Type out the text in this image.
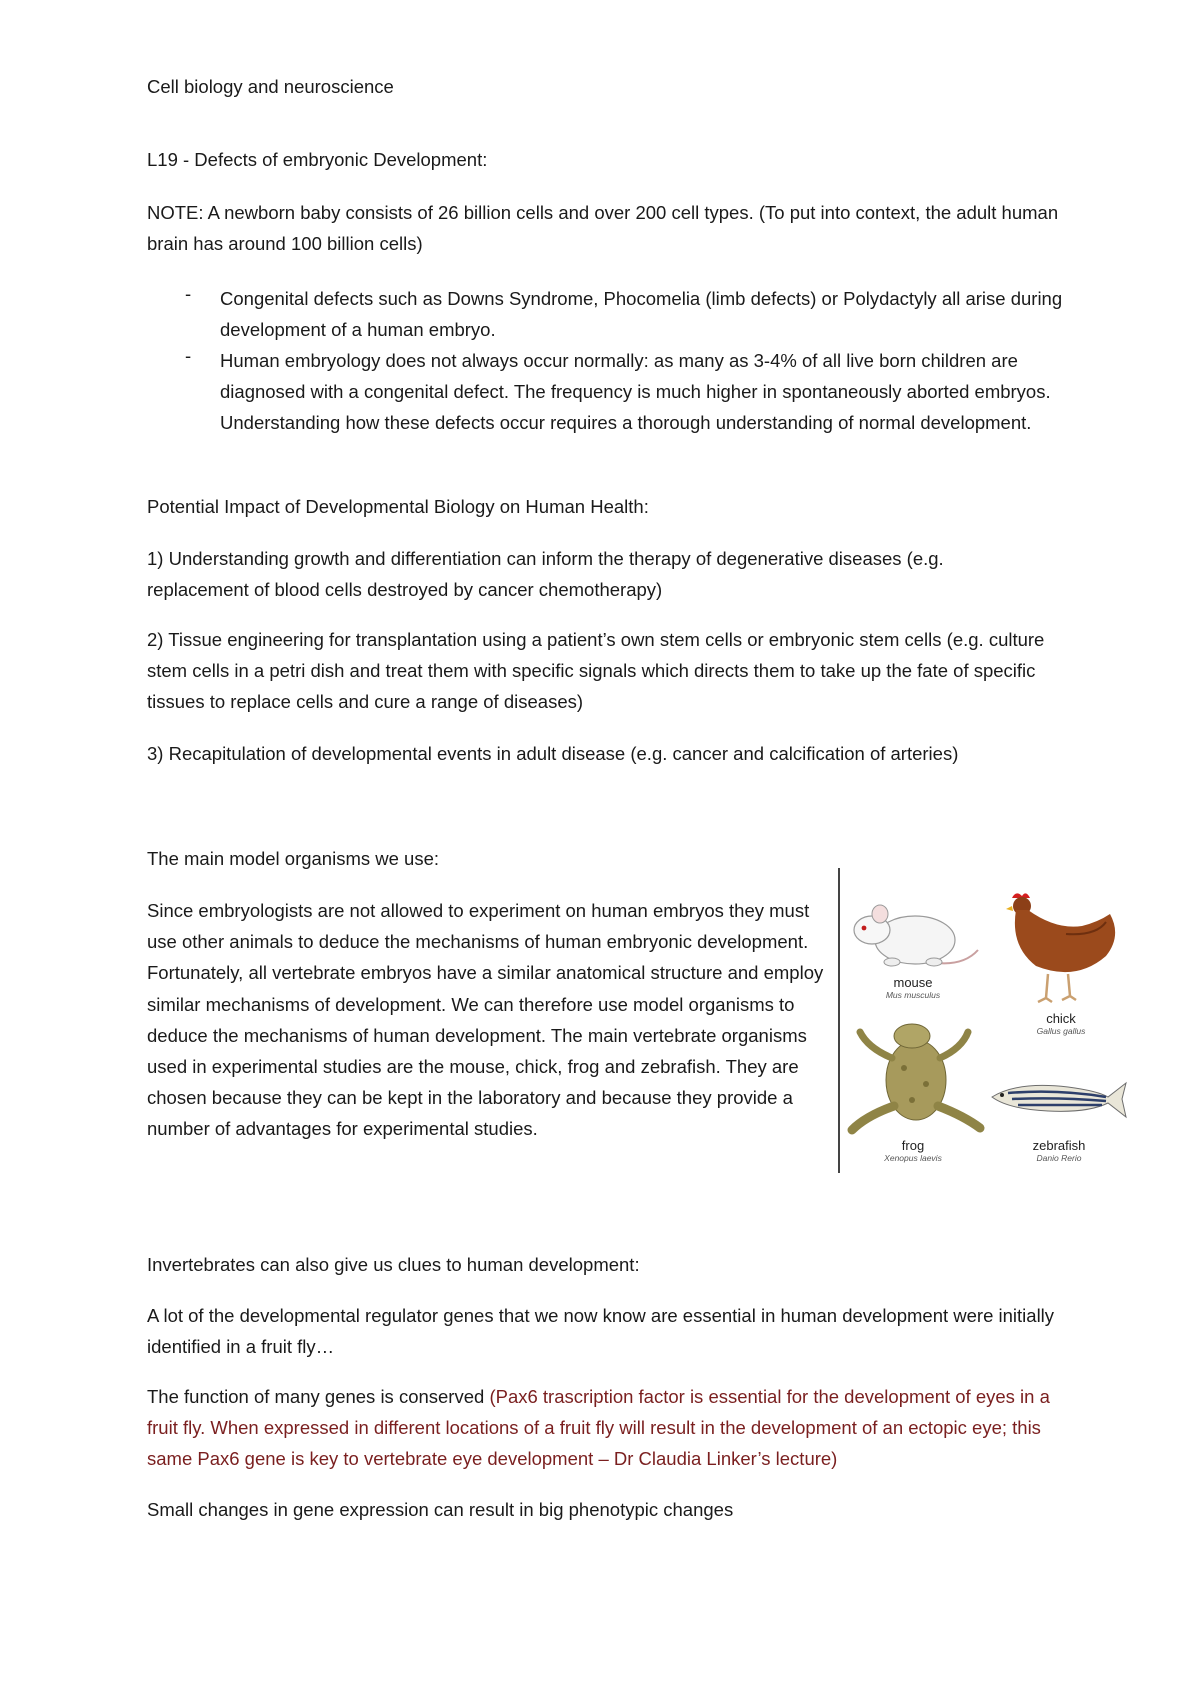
Cell biology and neuroscience
L19 - Defects of embryonic Development:
NOTE: A newborn baby consists of 26 billion cells and over 200 cell types. (To put into context, the adult human brain has around 100 billion cells)
- Congenital defects such as Downs Syndrome, Phocomelia (limb defects) or Polydactyly all arise during development of a human embryo.
- Human embryology does not always occur normally: as many as 3-4% of all live born children are diagnosed with a congenital defect. The frequency is much higher in spontaneously aborted embryos. Understanding how these defects occur requires a thorough understanding of normal development.
Potential Impact of Developmental Biology on Human Health:
1) Understanding growth and differentiation can inform the therapy of degenerative diseases (e.g. replacement of blood cells destroyed by cancer chemotherapy)
2) Tissue engineering for transplantation using a patient’s own stem cells or embryonic stem cells (e.g. culture stem cells in a petri dish and treat them with specific signals which directs them to take up the fate of specific tissues to replace cells and cure a range of diseases)
3) Recapitulation of developmental events in adult disease (e.g. cancer and calcification of arteries)
The main model organisms we use:
Since embryologists are not allowed to experiment on human embryos they must use other animals to deduce the mechanisms of human embryonic development. Fortunately, all vertebrate embryos have a similar anatomical structure and employ similar mechanisms of development. We can therefore use model organisms to deduce the mechanisms of human development. The main vertebrate organisms used in experimental studies are the mouse, chick, frog and zebrafish. They are chosen because they can be kept in the laboratory and because they provide a number of advantages for experimental studies.
Invertebrates can also give us clues to human development:
A lot of the developmental regulator genes that we now know are essential in human development were initially identified in a fruit fly…
The function of many genes is conserved (Pax6 trascription factor is essential for the development of eyes in a fruit fly. When expressed in different locations of a fruit fly will result in the development of an ectopic eye; this same Pax6 gene is key to vertebrate eye development – Dr Claudia Linker’s lecture)
Small changes in gene expression can result in big phenotypic changes
mouse
Mus musculus
chick
Gallus gallus
frog
Xenopus laevis
zebrafish
Danio Rerio
